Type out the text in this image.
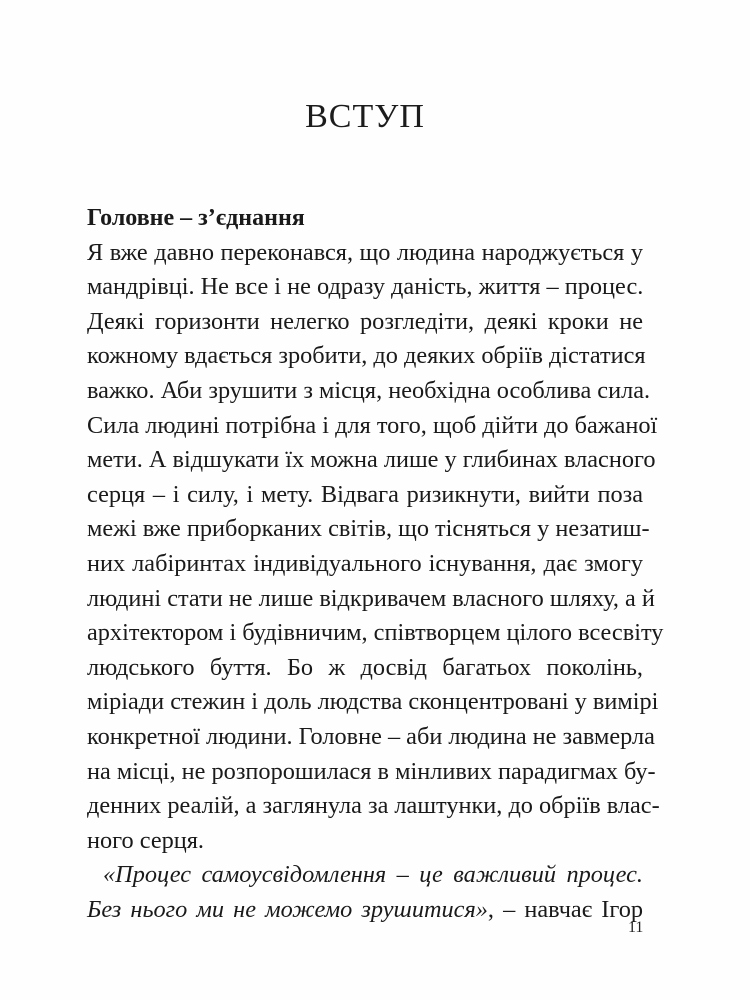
ВСТУП
Головне – з’єднання
Я вже давно переконався, що людина народжується у
мандрівці. Не все і не одразу даність, життя – процес.
Деякі горизонти нелегко розгледіти, деякі кроки не
кожному вдається зробити, до деяких обріїв дістатися
важко. Аби зрушити з місця, необхідна особлива сила.
Сила людині потрібна і для того, щоб дійти до бажаної
мети. А відшукати їх можна лише у глибинах власного
серця – і силу, і мету. Відвага ризикнути, вийти поза
межі вже приборканих світів, що тісняться у незатиш-
них лабіринтах індивідуального існування, дає змогу
людині стати не лише відкривачем власного шляху, а й
архітектором і будівничим, співтворцем цілого всесвіту
людського буття. Бо ж досвід багатьох поколінь,
міріади стежин і доль людства сконцентровані у вимірі
конкретної людини. Головне – аби людина не завмерла
на місці, не розпорошилася в мінливих парадигмах бу-
денних реалій, а заглянула за лаштунки, до обріїв влас-
ного серця.
«Процес самоусвідомлення – це важливий процес.
Без нього ми не можемо зрушитися», – навчає Ігор
11
